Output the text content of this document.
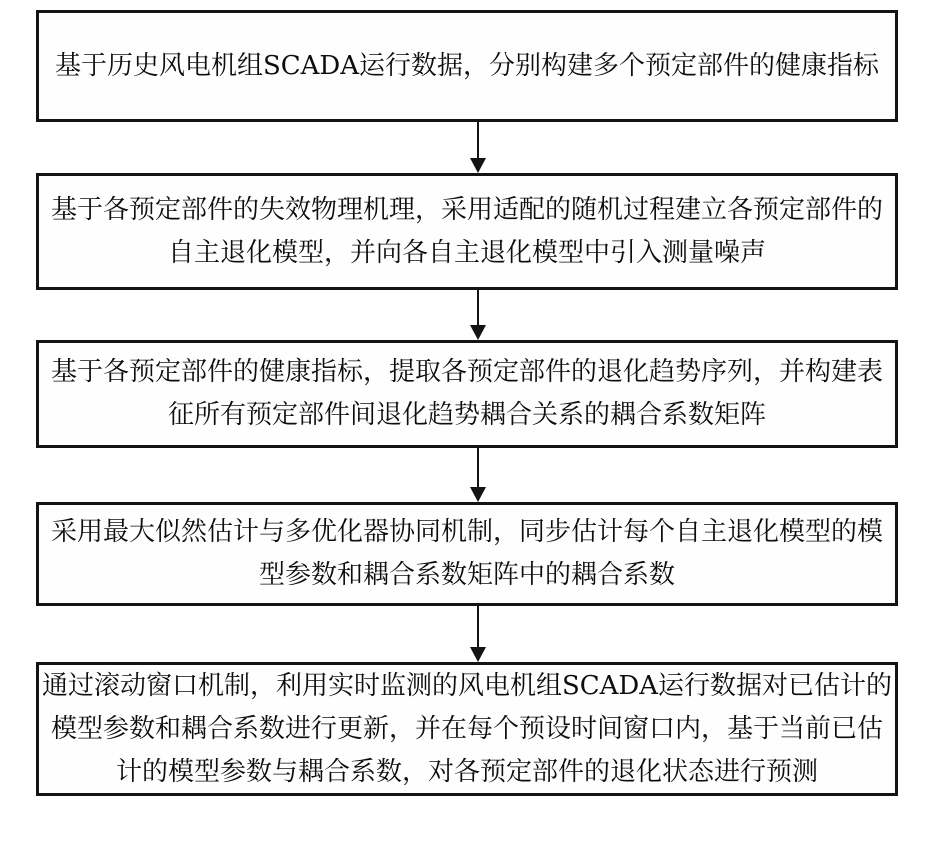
基于历史风电机组SCADA运行数据，分别构建多个预定部件的健康指标
基于各预定部件的失效物理机理，采用适配的随机过程建立各预定部件的
自主退化模型，并向各自主退化模型中引入测量噪声
基于各预定部件的健康指标，提取各预定部件的退化趋势序列，并构建表
征所有预定部件间退化趋势耦合关系的耦合系数矩阵
采用最大似然估计与多优化器协同机制，同步估计每个自主退化模型的模
型参数和耦合系数矩阵中的耦合系数
通过滚动窗口机制，利用实时监测的风电机组SCADA运行数据对已估计的
模型参数和耦合系数进行更新，并在每个预设时间窗口内，基于当前已估
计的模型参数与耦合系数，对各预定部件的退化状态进行预测
